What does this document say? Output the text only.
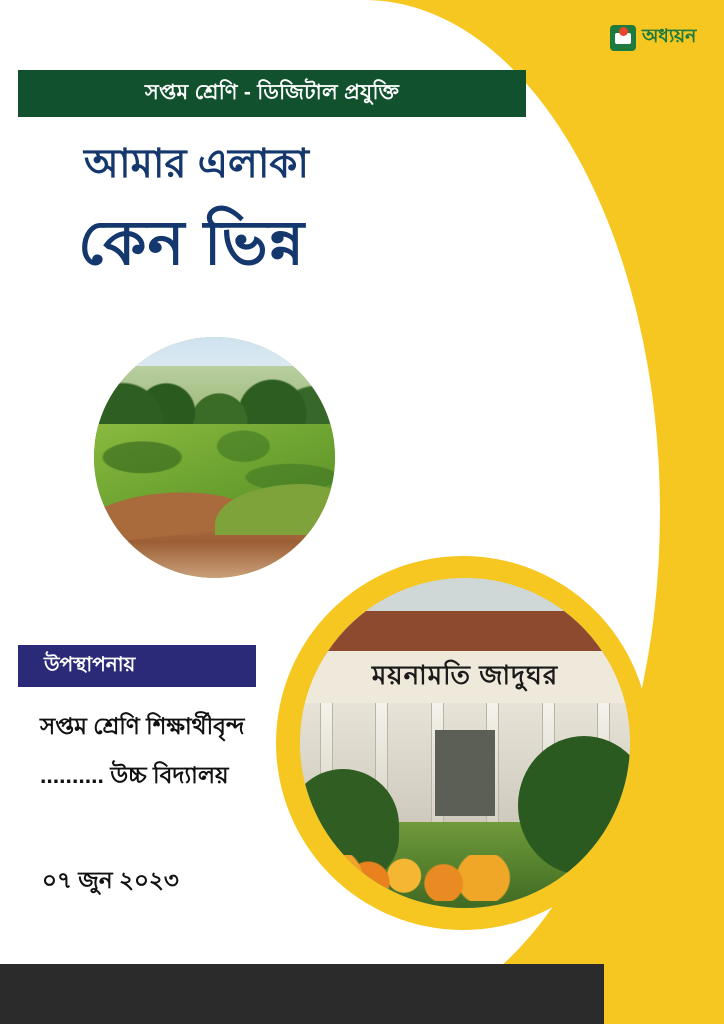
অধ্যয়ন
সপ্তম শ্রেণি - ডিজিটাল প্রযুক্তি
আমার এলাকা
কেন ভিন্ন
উপস্থাপনায়
সপ্তম শ্রেণি শিক্ষার্থীবৃন্দ
.......... উচ্চ বিদ্যালয়
০৭ জুন ২০২৩
ময়নামতি জাদুঘর
